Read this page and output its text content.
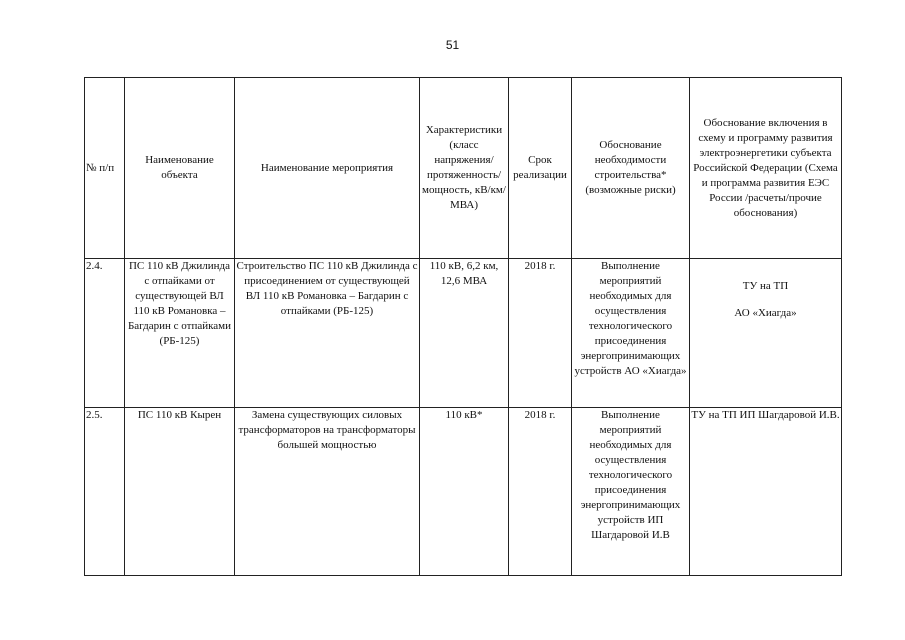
51
№ п/п	Наименование объекта	Наименование мероприятия	Характеристики (класс напряжения/ протяженность/ мощность, кВ/км/МВА)	Срок реализации	Обоснование необходимости строительства* (возможные риски)	Обоснование включения в схему и программу развития электроэнергетики субъекта Российской Федерации (Схема и программа развития ЕЭС России /расчеты/прочие обоснования)
2.4.	ПС 110 кВ Джилинда с отпайками от существующей ВЛ 110 кВ Романовка – Багдарин с отпайками (РБ-125)	Строительство ПС 110 кВ Джилинда с присоединением от существующей ВЛ 110 кВ Романовка – Багдарин с отпайками (РБ-125)	110 кВ, 6,2 км, 12,6 МВА	2018 г.	Выполнение мероприятий необходимых для осуществления технологического присоединения энергопринимающих устройств АО «Хиагда»	ТУ на ТП
АО «Хиагда»

2.5.	ПС 110 кВ Кырен	Замена существующих силовых трансформаторов на трансформаторы большей мощностью	110 кВ*	2018 г.	Выполнение мероприятий необходимых для осуществления технологического присоединения энергопринимающих устройств ИП Шагдаровой И.В	ТУ на ТП ИП Шагдаровой И.В.
